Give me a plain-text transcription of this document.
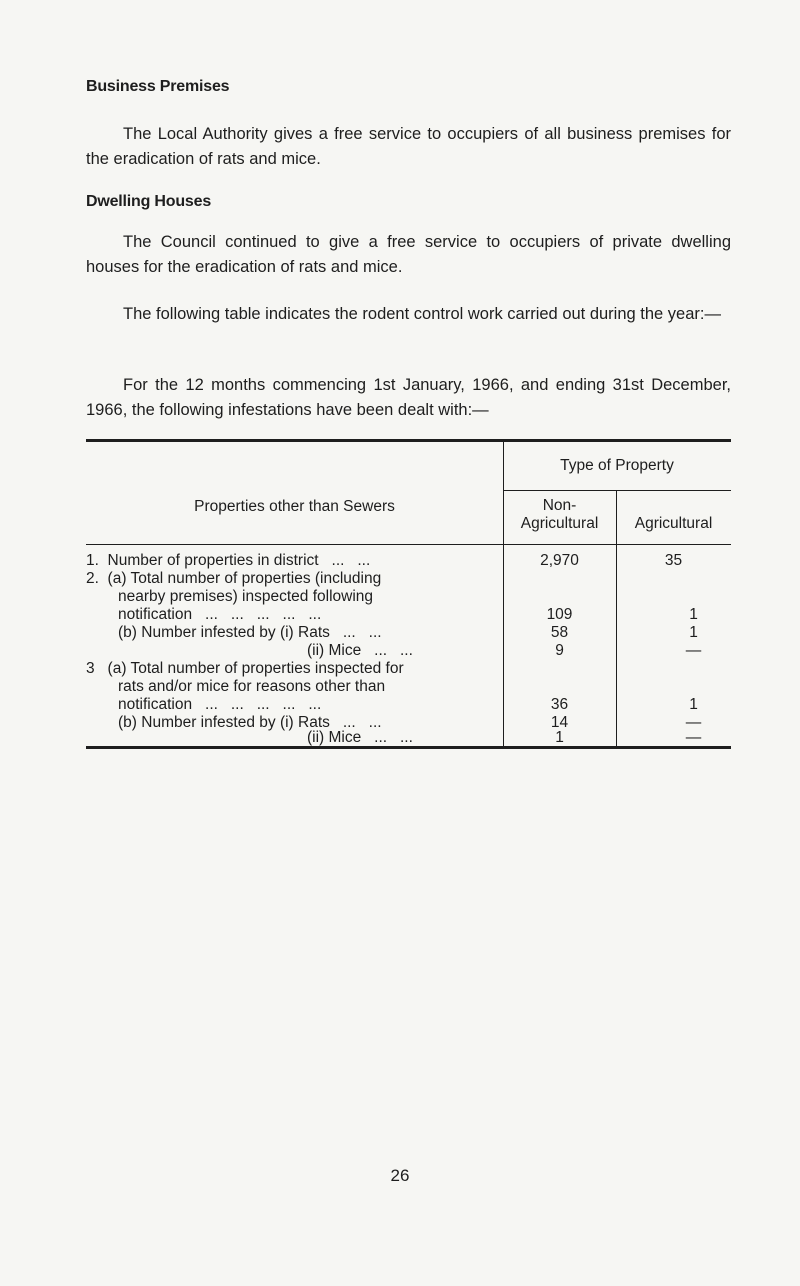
Business Premises
The Local Authority gives a free service to occupiers of all business premises for the eradication of rats and mice.
Dwelling Houses
The Council continued to give a free service to occupiers of private dwelling houses for the eradication of rats and mice.
The following table indicates the rodent control work carried out during the year:—
For the 12 months commencing 1st January, 1966, and ending 31st December, 1966, the following infestations have been dealt with:—
Properties other than Sewers
Type of Property
Non-
Agricultural	Agricultural
1.  Number of properties in district   ...   ...
2.  (a) Total number of properties (including
nearby premises) inspected following
notification   ...   ...   ...   ...   ...
(b) Number infested by (i) Rats   ...   ...
(ii) Mice   ...   ...
3   (a) Total number of properties inspected for
rats and/or mice for reasons other than
notification   ...   ...   ...   ...   ...
(b) Number infested by (i) Rats   ...   ...
(ii) Mice   ...   ...
2,970
109
58
9
36
14
1
35
1
1
—
1
—
—
26
